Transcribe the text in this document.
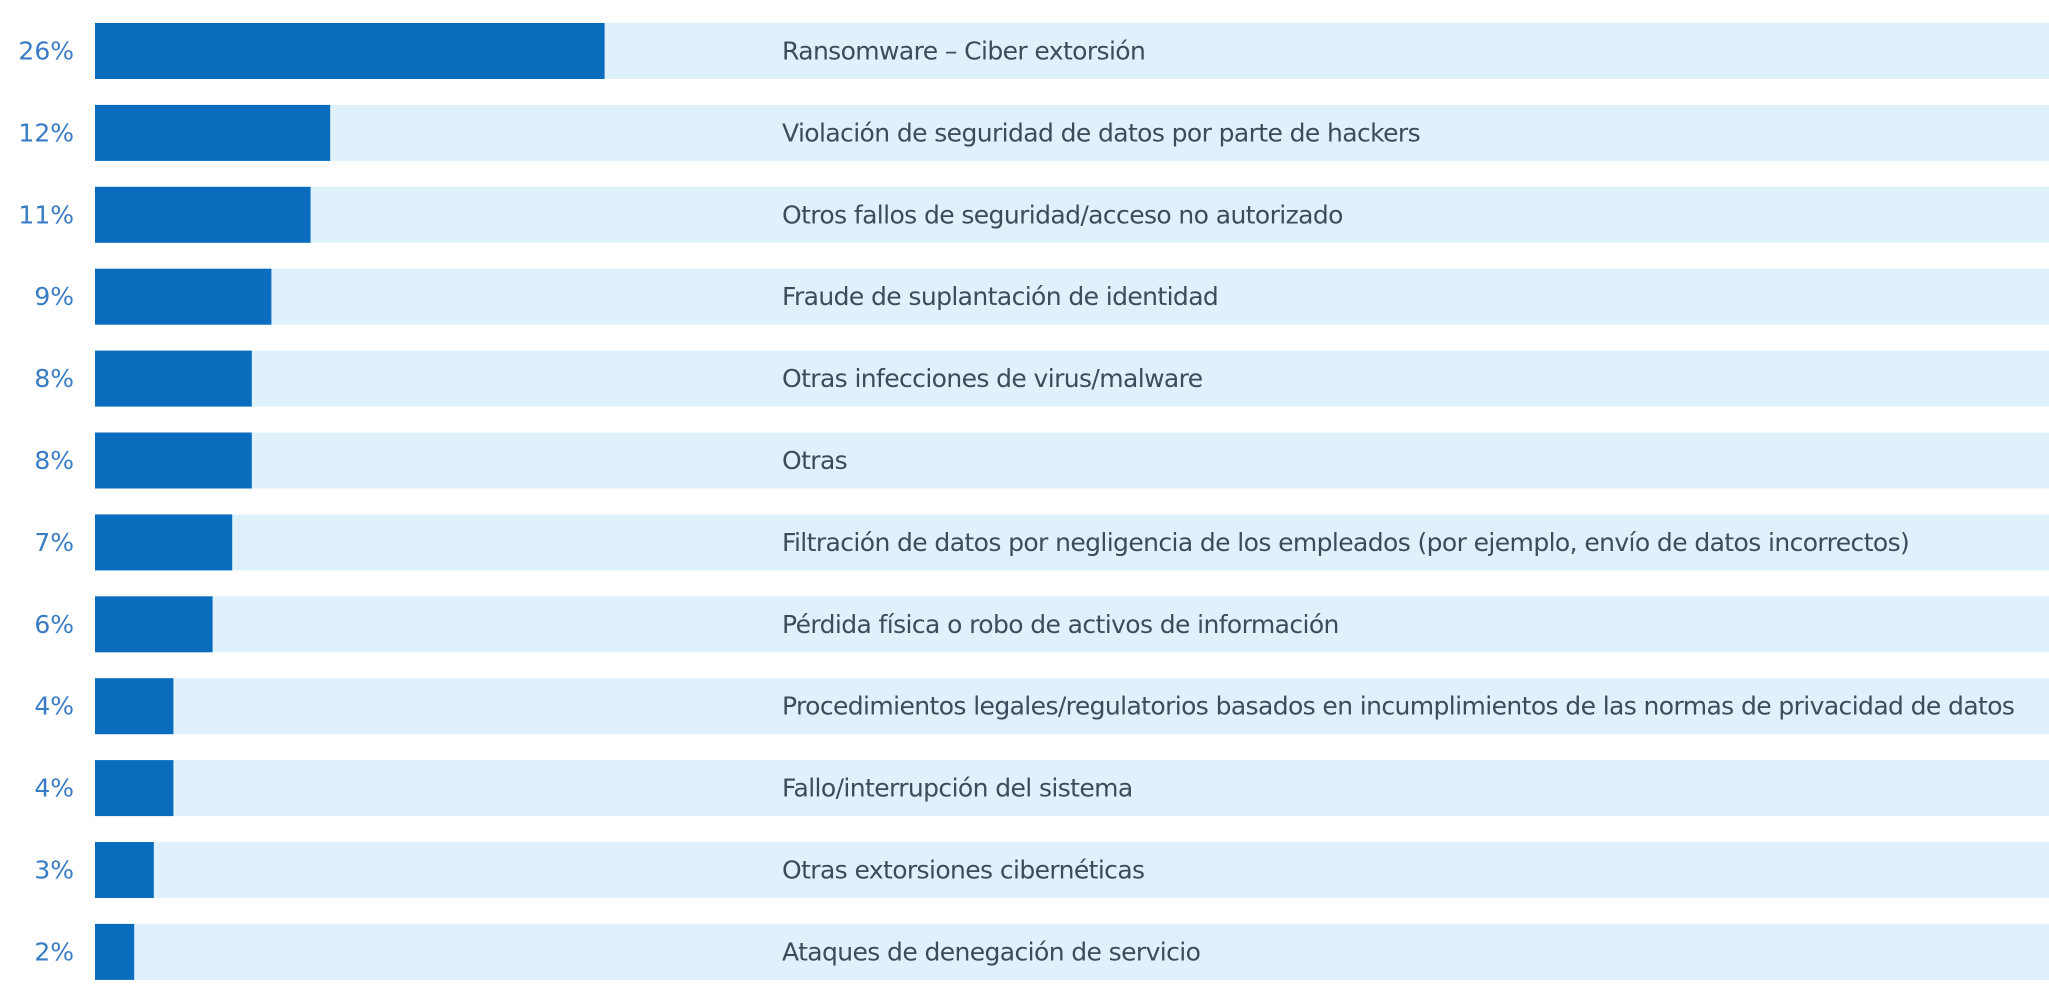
26%	Ransomware – Ciber extorsión
12%	Violación de seguridad de datos por parte de hackers
11%	Otros fallos de seguridad/acceso no autorizado
9%	Fraude de suplantación de identidad
8%	Otras infecciones de virus/malware
8%	Otras
7%	Filtración de datos por negligencia de los empleados (por ejemplo, envío de datos incorrectos)
6%	Pérdida física o robo de activos de información
4%	Procedimientos legales/regulatorios basados en incumplimientos de las normas de privacidad de datos
4%	Fallo/interrupción del sistema
3%	Otras extorsiones cibernéticas
2%	Ataques de denegación de servicio
